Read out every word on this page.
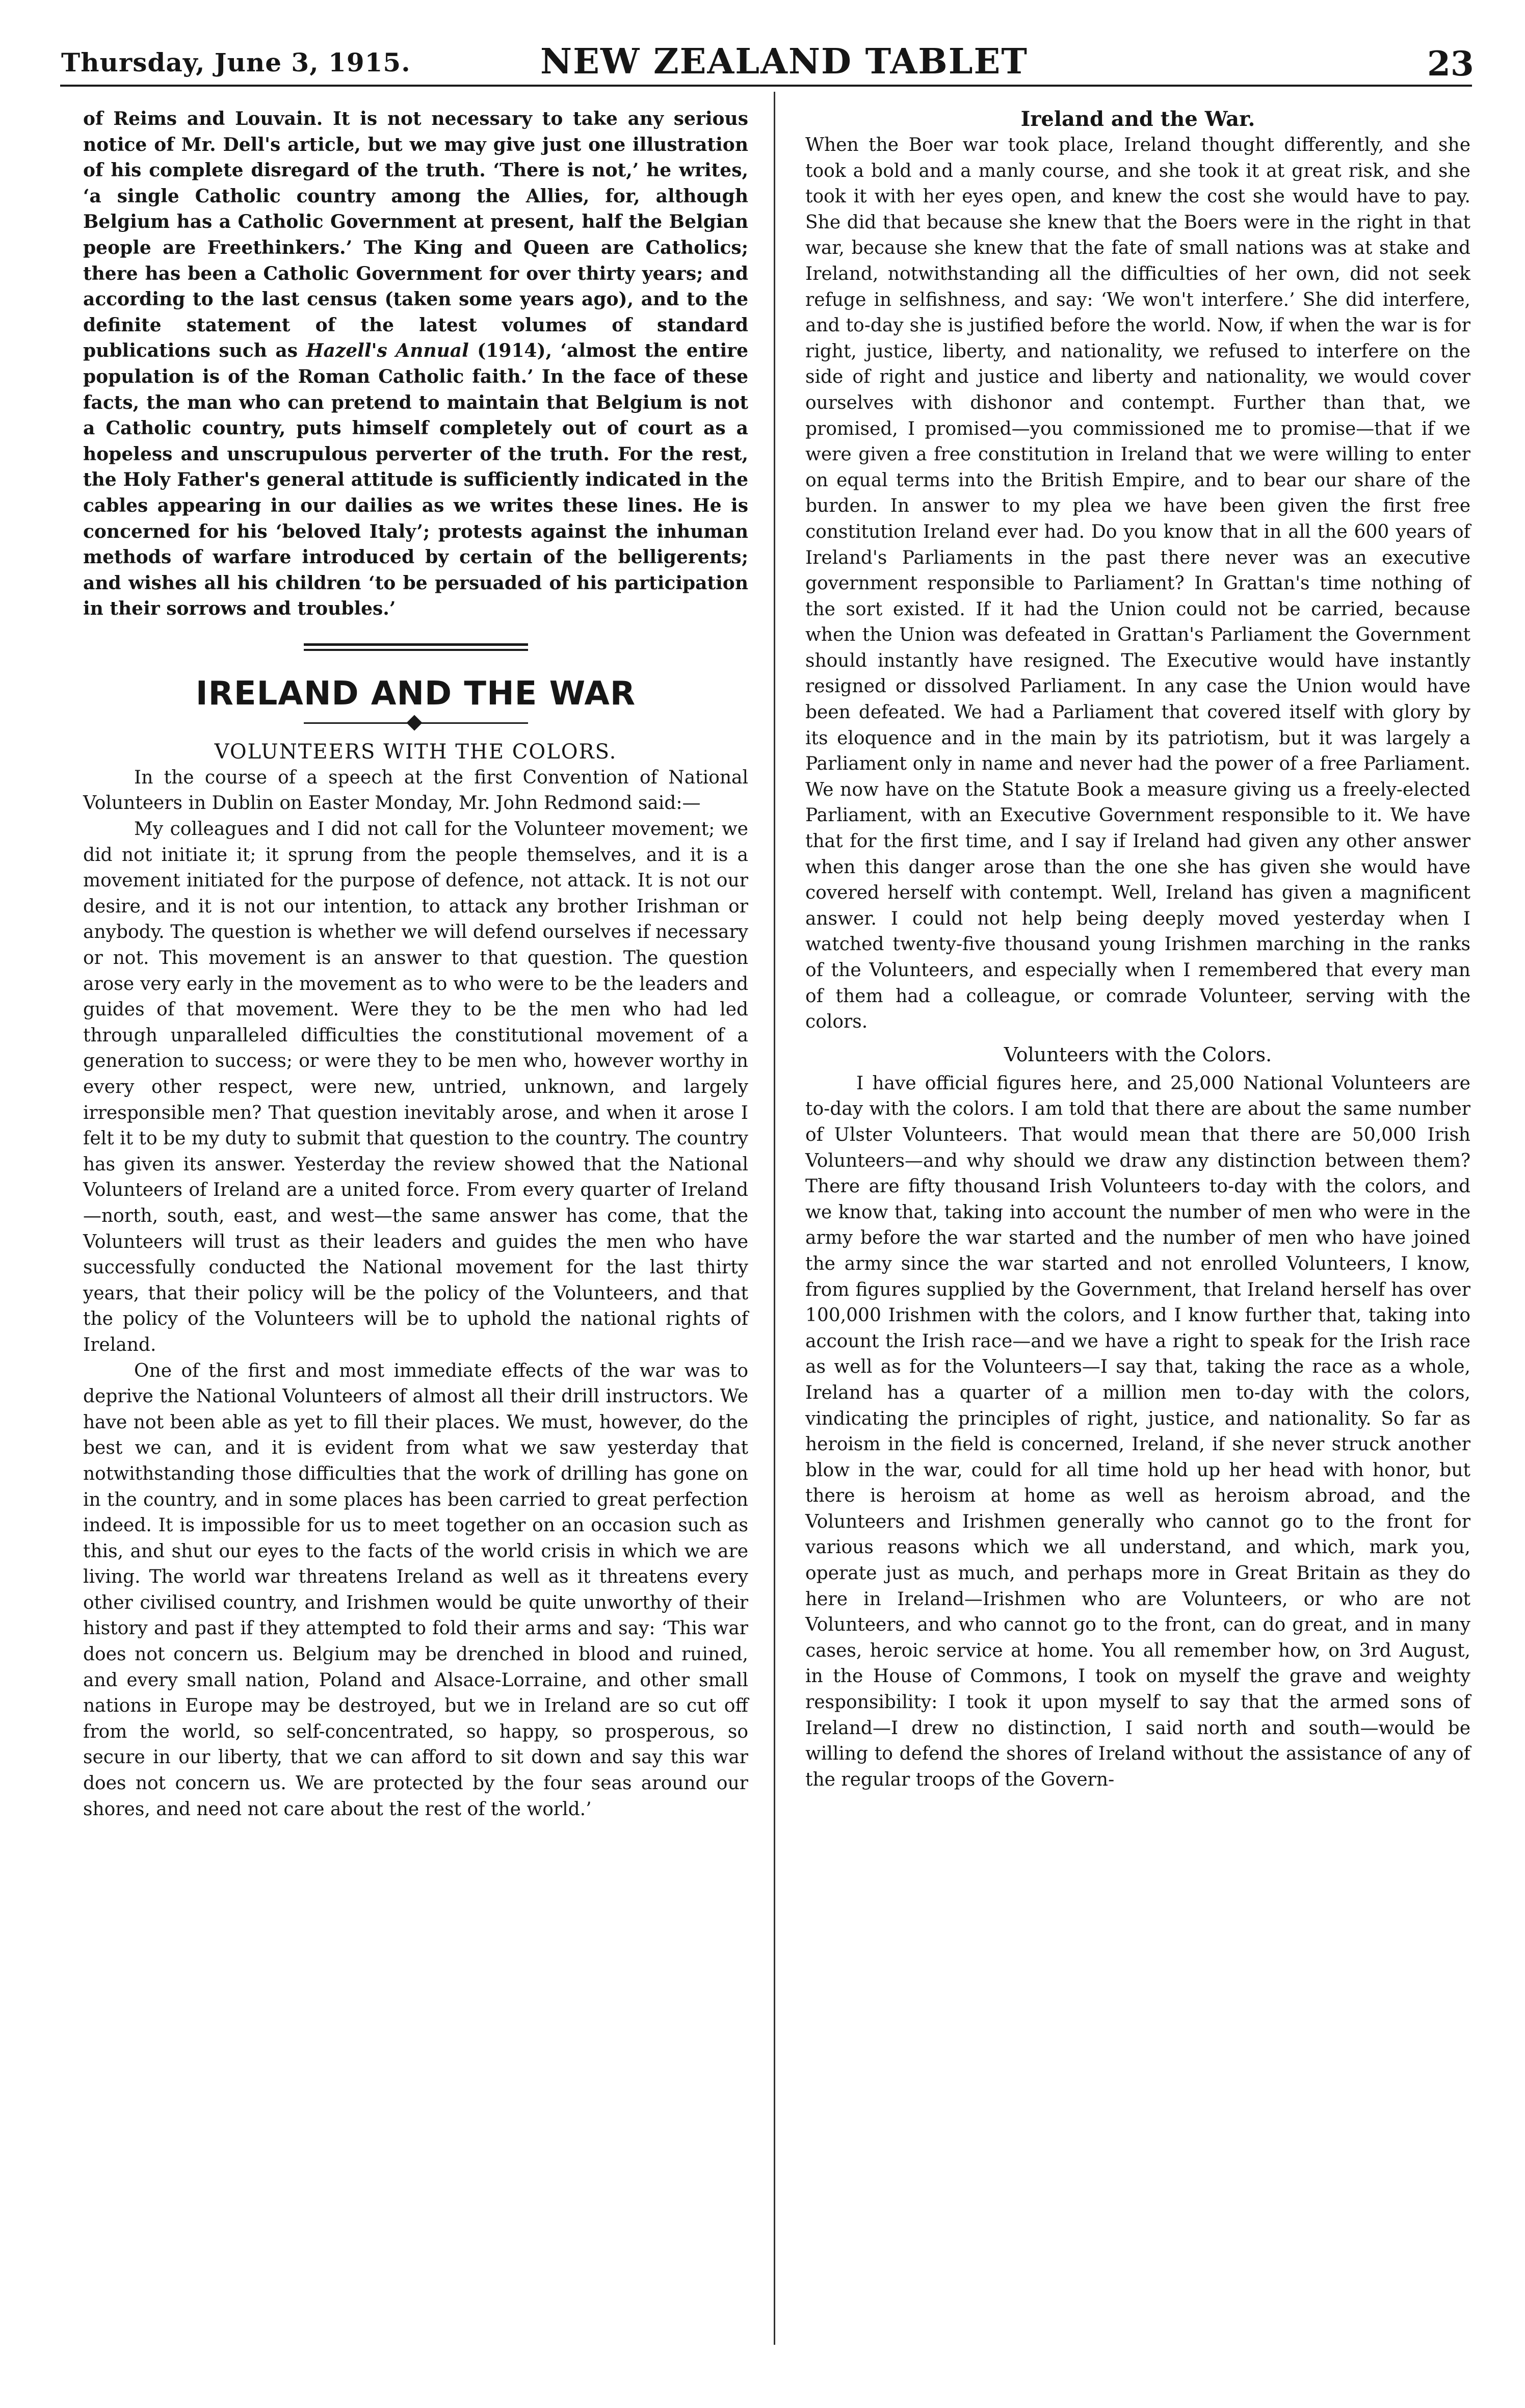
Thursday, June 3, 1915.	NEW ZEALAND TABLET	23

of Reims and Louvain. It is not necessary to take any serious notice of Mr. Dell's article, but we may give just one illustration of his complete disregard of the truth. ‘There is not,’ he writes, ‘a single Catholic country among the Allies, for, although Belgium has a Catholic Government at present, half the Belgian people are Freethinkers.’ The King and Queen are Catholics; there has been a Catholic Government for over thirty years; and according to the last census (taken some years ago), and to the definite statement of the latest volumes of standard publications such as Hazell's Annual (1914), ‘almost the entire population is of the Roman Catholic faith.’ In the face of these facts, the man who can pretend to maintain that Belgium is not a Catholic country, puts himself completely out of court as a hopeless and unscrupulous perverter of the truth. For the rest, the Holy Father's general attitude is sufficiently indicated in the cables appearing in our dailies as we writes these lines. He is concerned for his ‘beloved Italy’; protests against the inhuman methods of warfare introduced by certain of the belligerents; and wishes all his children ‘to be persuaded of his participation in their sorrows and troubles.’

IRELAND AND THE WAR

VOLUNTEERS WITH THE COLORS.

In the course of a speech at the first Convention of National Volunteers in Dublin on Easter Monday, Mr. John Redmond said:—

My colleagues and I did not call for the Volunteer movement; we did not initiate it; it sprung from the people themselves, and it is a movement initiated for the purpose of defence, not attack. It is not our desire, and it is not our intention, to attack any brother Irishman or anybody. The question is whether we will defend ourselves if necessary or not. This movement is an answer to that question. The question arose very early in the movement as to who were to be the leaders and guides of that movement. Were they to be the men who had led through unparalleled difficulties the constitutional movement of a generation to success; or were they to be men who, however worthy in every other respect, were new, untried, unknown, and largely irresponsible men? That question inevitably arose, and when it arose I felt it to be my duty to submit that question to the country. The country has given its answer. Yesterday the review showed that the National Volunteers of Ireland are a united force. From every quarter of Ireland—north, south, east, and west—the same answer has come, that the Volunteers will trust as their leaders and guides the men who have successfully conducted the National movement for the last thirty years, that their policy will be the policy of the Volunteers, and that the policy of the Volunteers will be to uphold the national rights of Ireland.

One of the first and most immediate effects of the war was to deprive the National Volunteers of almost all their drill instructors. We have not been able as yet to fill their places. We must, however, do the best we can, and it is evident from what we saw yesterday that notwithstanding those difficulties that the work of drilling has gone on in the country, and in some places has been carried to great perfection indeed. It is impossible for us to meet together on an occasion such as this, and shut our eyes to the facts of the world crisis in which we are living. The world war threatens Ireland as well as it threatens every other civilised country, and Irishmen would be quite unworthy of their history and past if they attempted to fold their arms and say: ‘This war does not concern us. Belgium may be drenched in blood and ruined, and every small nation, Poland and Alsace-Lorraine, and other small nations in Europe may be destroyed, but we in Ireland are so cut off from the world, so self-concentrated, so happy, so prosperous, so secure in our liberty, that we can afford to sit down and say this war does not concern us. We are protected by the four seas around our shores, and need not care about the rest of the world.’

Ireland and the War.

When the Boer war took place, Ireland thought differently, and she took a bold and a manly course, and she took it at great risk, and she took it with her eyes open, and knew the cost she would have to pay. She did that because she knew that the Boers were in the right in that war, because she knew that the fate of small nations was at stake and Ireland, notwithstanding all the difficulties of her own, did not seek refuge in selfishness, and say: ‘We won't interfere.’ She did interfere, and to-day she is justified before the world. Now, if when the war is for right, justice, liberty, and nationality, we refused to interfere on the side of right and justice and liberty and nationality, we would cover ourselves with dishonor and contempt. Further than that, we promised, I promised—you commissioned me to promise—that if we were given a free constitution in Ireland that we were willing to enter on equal terms into the British Empire, and to bear our share of the burden. In answer to my plea we have been given the first free constitution Ireland ever had. Do you know that in all the 600 years of Ireland's Parliaments in the past there never was an executive government responsible to Parliament? In Grattan's time nothing of the sort existed. If it had the Union could not be carried, because when the Union was defeated in Grattan's Parliament the Government should instantly have resigned. The Executive would have instantly resigned or dissolved Parliament. In any case the Union would have been defeated. We had a Parliament that covered itself with glory by its eloquence and in the main by its patriotism, but it was largely a Parliament only in name and never had the power of a free Parliament. We now have on the Statute Book a measure giving us a freely-elected Parliament, with an Executive Government responsible to it. We have that for the first time, and I say if Ireland had given any other answer when this danger arose than the one she has given she would have covered herself with contempt. Well, Ireland has given a magnificent answer. I could not help being deeply moved yesterday when I watched twenty-five thousand young Irishmen marching in the ranks of the Volunteers, and especially when I remembered that every man of them had a colleague, or comrade Volunteer, serving with the colors.

Volunteers with the Colors.

I have official figures here, and 25,000 National Volunteers are to-day with the colors. I am told that there are about the same number of Ulster Volunteers. That would mean that there are 50,000 Irish Volunteers—and why should we draw any distinction between them? There are fifty thousand Irish Volunteers to-day with the colors, and we know that, taking into account the number of men who were in the army before the war started and the number of men who have joined the army since the war started and not enrolled Volunteers, I know, from figures supplied by the Government, that Ireland herself has over 100,000 Irishmen with the colors, and I know further that, taking into account the Irish race—and we have a right to speak for the Irish race as well as for the Volunteers—I say that, taking the race as a whole, Ireland has a quarter of a million men to-day with the colors, vindicating the principles of right, justice, and nationality. So far as heroism in the field is concerned, Ireland, if she never struck another blow in the war, could for all time hold up her head with honor, but there is heroism at home as well as heroism abroad, and the Volunteers and Irishmen generally who cannot go to the front for various reasons which we all understand, and which, mark you, operate just as much, and perhaps more in Great Britain as they do here in Ireland—Irishmen who are Volunteers, or who are not Volunteers, and who cannot go to the front, can do great, and in many cases, heroic service at home. You all remember how, on 3rd August, in the House of Commons, I took on myself the grave and weighty responsibility: I took it upon myself to say that the armed sons of Ireland—I drew no distinction, I said north and south—would be willing to defend the shores of Ireland without the assistance of any of the regular troops of the Govern-
